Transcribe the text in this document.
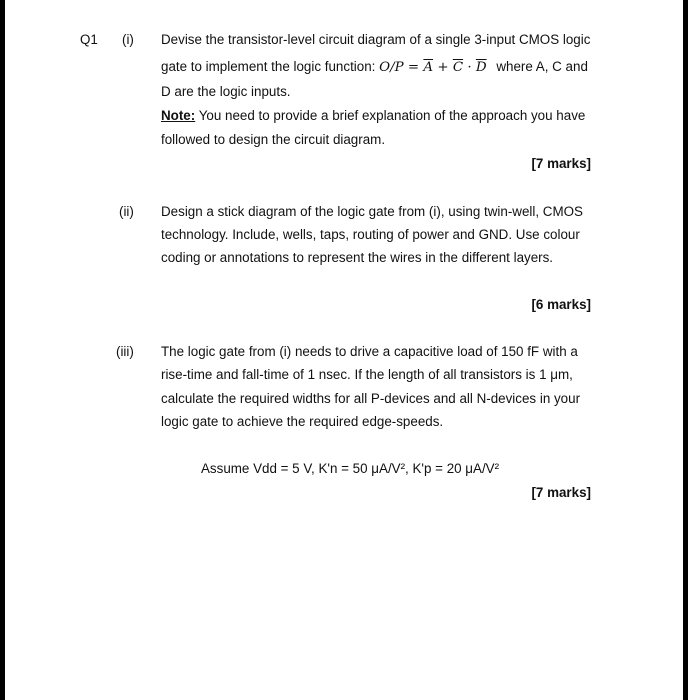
Q1 (i) Devise the transistor-level circuit diagram of a single 3-input CMOS logic
gate to implement the logic function: $O/P = \overline{A} + \overline{C} \cdot \overline{D}$ where A, C and
D are the logic inputs.
Note: You need to provide a brief explanation of the approach you have
followed to design the circuit diagram.
[7 marks]
(ii) Design a stick diagram of the logic gate from (i), using twin-well, CMOS
technology. Include, wells, taps, routing of power and GND. Use colour
coding or annotations to represent the wires in the different layers.
[6 marks]
(iii) The logic gate from (i) needs to drive a capacitive load of 150 fF with a
rise-time and fall-time of 1 nsec. If the length of all transistors is 1 μm,
calculate the required widths for all P-devices and all N-devices in your
logic gate to achieve the required edge-speeds.
Assume Vdd = 5 V, K'n = 50 μA/V², K'p = 20 μA/V²
[7 marks]
